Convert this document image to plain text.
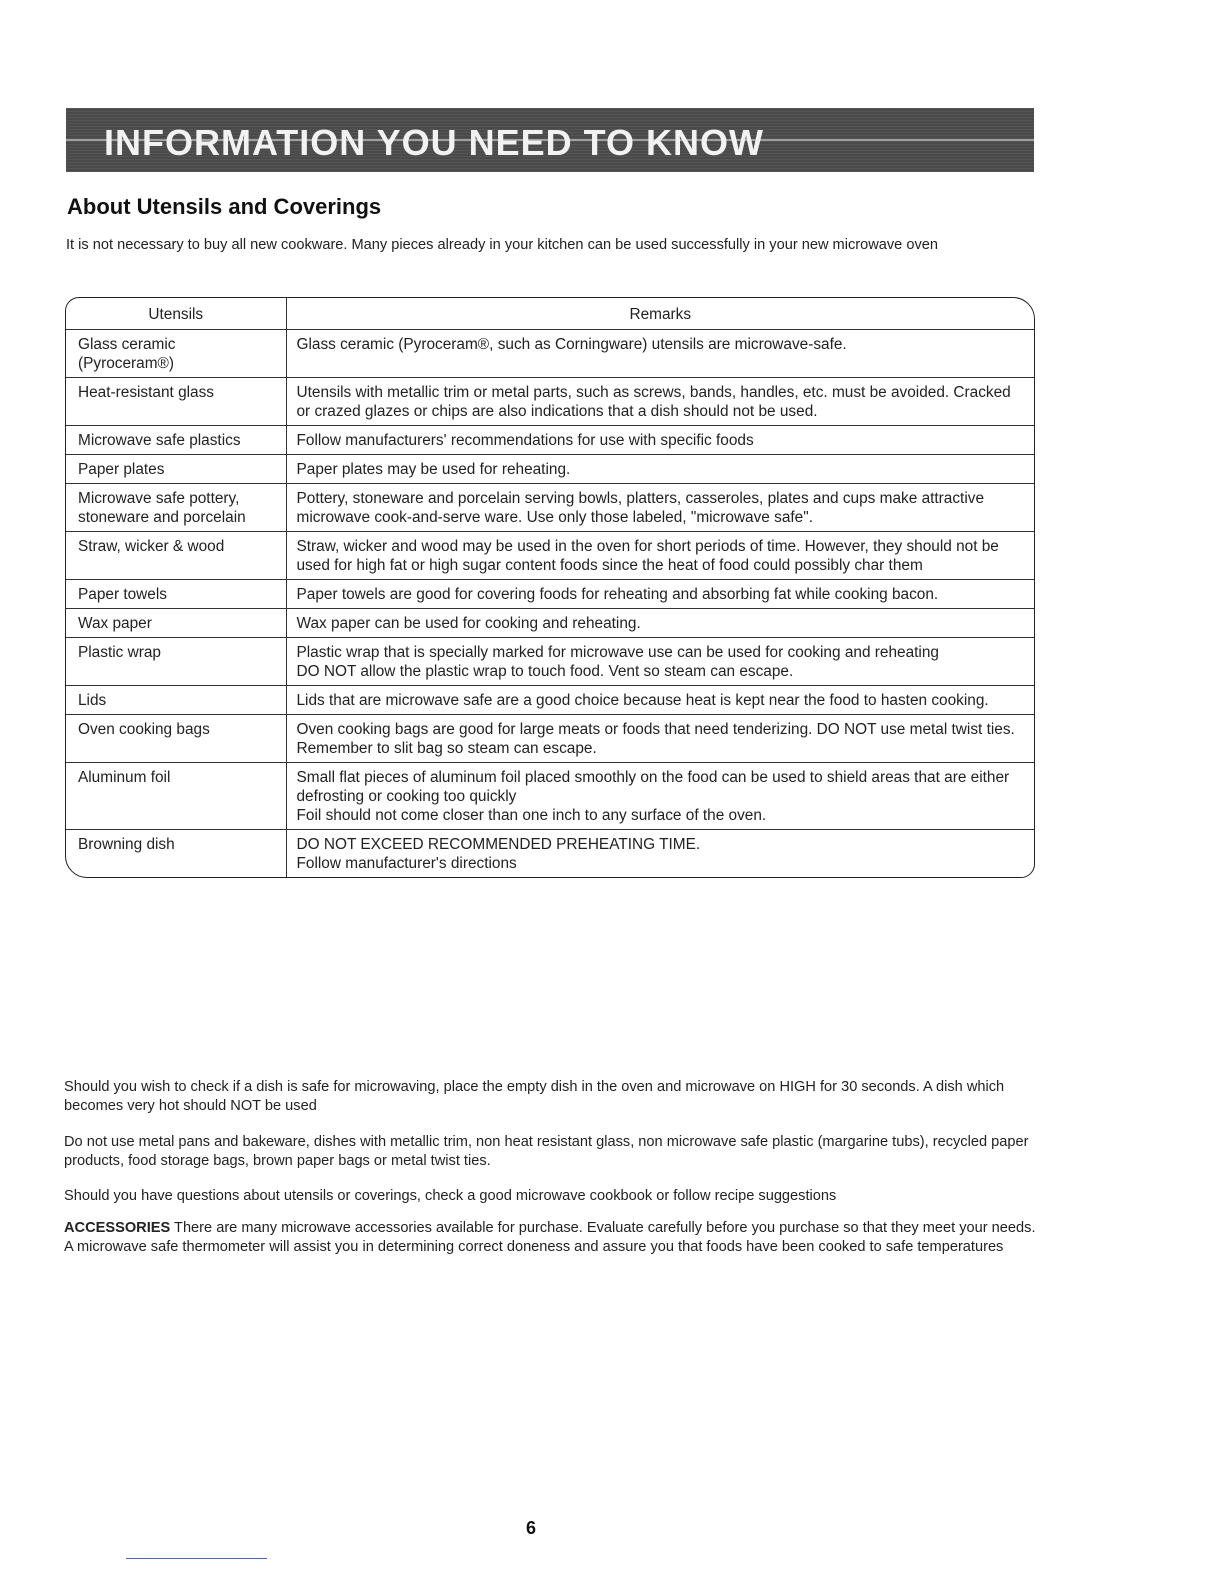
INFORMATION YOU NEED TO KNOW
About Utensils and Coverings
It is not necessary to buy all new cookware. Many pieces already in your kitchen can be used successfully in your new microwave oven
Utensils	Remarks
Glass ceramic (Pyroceram®)	Glass ceramic (Pyroceram®, such as Corningware) utensils are microwave-safe.

Heat-resistant glass	Utensils with metallic trim or metal parts, such as screws, bands, handles, etc. must be avoided. Cracked or crazed glazes or chips are also indications that a dish should not be used.

Microwave safe plastics	Follow manufacturers' recommendations for use with specific foods

Paper plates	Paper plates may be used for reheating.

Microwave safe pottery, stoneware and porcelain	Pottery, stoneware and porcelain serving bowls, platters, casseroles, plates and cups make attractive microwave cook-and-serve ware. Use only those labeled, "microwave safe".

Straw, wicker & wood	Straw, wicker and wood may be used in the oven for short periods of time. However, they should not be used for high fat or high sugar content foods since the heat of food could possibly char them

Paper towels	Paper towels are good for covering foods for reheating and absorbing fat while cooking bacon.

Wax paper	Wax paper can be used for cooking and reheating.

Plastic wrap	Plastic wrap that is specially marked for microwave use can be used for cooking and reheating
DO NOT allow the plastic wrap to touch food. Vent so steam can escape.

Lids	Lids that are microwave safe are a good choice because heat is kept near the food to hasten cooking.

Oven cooking bags	Oven cooking bags are good for large meats or foods that need tenderizing. DO NOT use metal twist ties. Remember to slit bag so steam can escape.

Aluminum foil	Small flat pieces of aluminum foil placed smoothly on the food can be used to shield areas that are either defrosting or cooking too quickly
Foil should not come closer than one inch to any surface of the oven.

Browning dish	DO NOT EXCEED RECOMMENDED PREHEATING TIME.
Follow manufacturer's directions
Should you wish to check if a dish is safe for microwaving, place the empty dish in the oven and microwave on HIGH for 30 seconds. A dish which becomes very hot should NOT be used
Do not use metal pans and bakeware, dishes with metallic trim, non heat resistant glass, non microwave safe plastic (margarine tubs), recycled paper products, food storage bags, brown paper bags or metal twist ties.
Should you have questions about utensils or coverings, check a good microwave cookbook or follow recipe suggestions
ACCESSORIES There are many microwave accessories available for purchase. Evaluate carefully before you purchase so that they meet your needs. A microwave safe thermometer will assist you in determining correct doneness and assure you that foods have been cooked to safe temperatures
6
